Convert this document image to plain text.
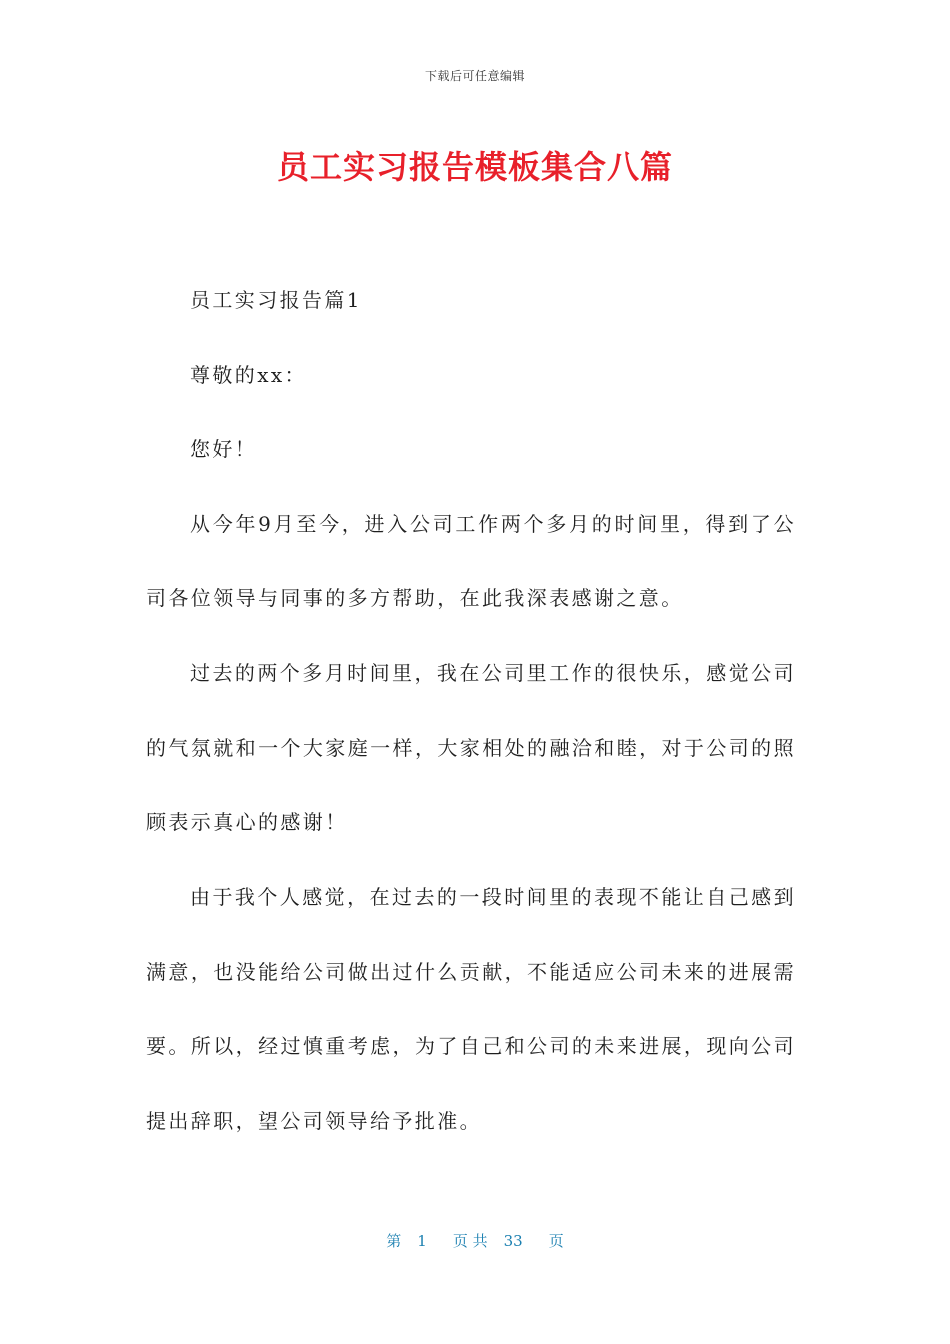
下载后可任意编辑
员工实习报告模板集合八篇
员工实习报告篇1
尊敬的xx：
您好！
从今年9月至今，进入公司工作两个多月的时间里，得到了公
司各位领导与同事的多方帮助，在此我深表感谢之意。
过去的两个多月时间里，我在公司里工作的很快乐，感觉公司
的气氛就和一个大家庭一样，大家相处的融洽和睦，对于公司的照
顾表示真心的感谢！
由于我个人感觉，在过去的一段时间里的表现不能让自己感到
满意，也没能给公司做出过什么贡献，不能适应公司未来的进展需
要。所以，经过慎重考虑，为了自己和公司的未来进展，现向公司
提出辞职，望公司领导给予批准。
第 1 页 共 33 页
